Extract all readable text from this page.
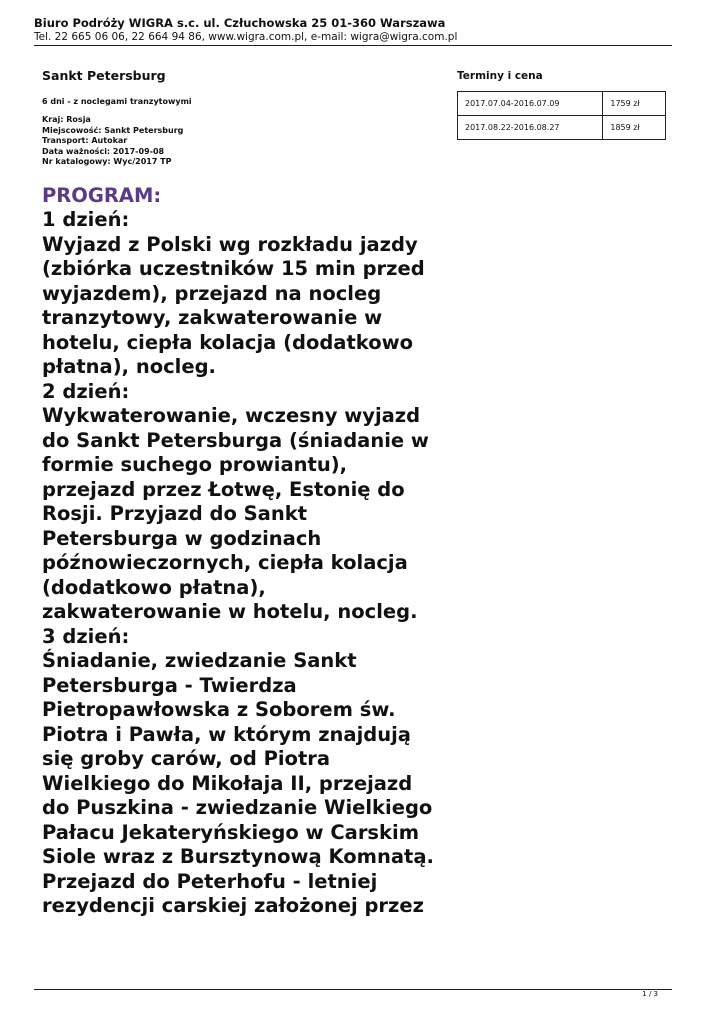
Biuro Podróży WIGRA s.c. ul. Człuchowska 25 01-360 Warszawa
Tel. 22 665 06 06, 22 664 94 86, www.wigra.com.pl, e-mail: wigra@wigra.com.pl
Sankt Petersburg
6 dni - z noclegami tranzytowymi
Kraj: Rosja
Miejscowość: Sankt Petersburg
Transport: Autokar
Data ważności: 2017-09-08
Nr katalogowy: Wyc/2017 TP
Terminy i cena
2017.07.04-2016.07.09	1759 zł
2017.08.22-2016.08.27	1859 zł
PROGRAM:
1 dzień:
Wyjazd z Polski wg rozkładu jazdy
(zbiórka uczestników 15 min przed
wyjazdem), przejazd na nocleg
tranzytowy, zakwaterowanie w
hotelu, ciepła kolacja (dodatkowo
płatna), nocleg.
2 dzień:
Wykwaterowanie, wczesny wyjazd
do Sankt Petersburga (śniadanie w
formie suchego prowiantu),
przejazd przez Łotwę, Estonię do
Rosji. Przyjazd do Sankt
Petersburga w godzinach
późnowieczornych, ciepła kolacja
(dodatkowo płatna),
zakwaterowanie w hotelu, nocleg.
3 dzień:
Śniadanie, zwiedzanie Sankt
Petersburga - Twierdza
Pietropawłowska z Soborem św.
Piotra i Pawła, w którym znajdują
się groby carów, od Piotra
Wielkiego do Mikołaja II, przejazd
do Puszkina - zwiedzanie Wielkiego
Pałacu Jekateryńskiego w Carskim
Siole wraz z Bursztynową Komnatą.
Przejazd do Peterhofu - letniej
rezydencji carskiej założonej przez
1 / 3
